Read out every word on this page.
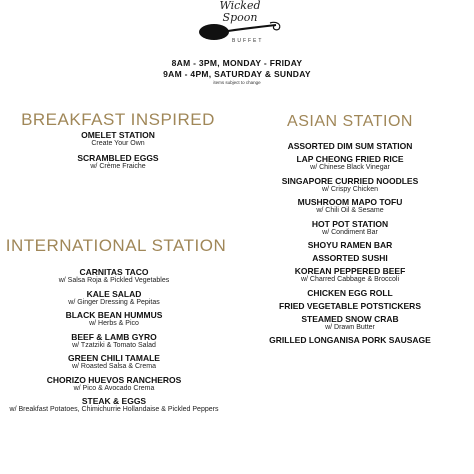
Wicked
Spoon
BUFFET
8AM - 3PM, MONDAY - FRIDAY
9AM - 4PM, SATURDAY & SUNDAY
items subject to change
BREAKFAST INSPIRED
OMELET STATION
Create Your Own
SCRAMBLED EGGS
w/ Crème Fraiche
INTERNATIONAL STATION
CARNITAS TACO
w/ Salsa Roja & Pickled Vegetables
KALE SALAD
w/ Ginger Dressing & Pepitas
BLACK BEAN HUMMUS
w/ Herbs & Pico
BEEF & LAMB GYRO
w/ Tzatziki & Tomato Salad
GREEN CHILI TAMALE
w/ Roasted Salsa & Crema
CHORIZO HUEVOS RANCHEROS
w/ Pico & Avocado Crema
STEAK & EGGS
w/ Breakfast Potatoes, Chimichurrie Hollandaise & Pickled Peppers
ASIAN STATION
ASSORTED DIM SUM STATION
LAP CHEONG FRIED RICE
w/ Chinese Black Vinegar
SINGAPORE CURRIED NOODLES
w/ Crispy Chicken
MUSHROOM MAPO TOFU
w/ Chili Oil & Sesame
HOT POT STATION
w/ Condiment Bar
SHOYU RAMEN BAR
ASSORTED SUSHI
KOREAN PEPPERED BEEF
w/ Charred Cabbage & Broccoli
CHICKEN EGG ROLL
FRIED VEGETABLE POTSTICKERS
STEAMED SNOW CRAB
w/ Drawn Butter
GRILLED LONGANISA PORK SAUSAGE
